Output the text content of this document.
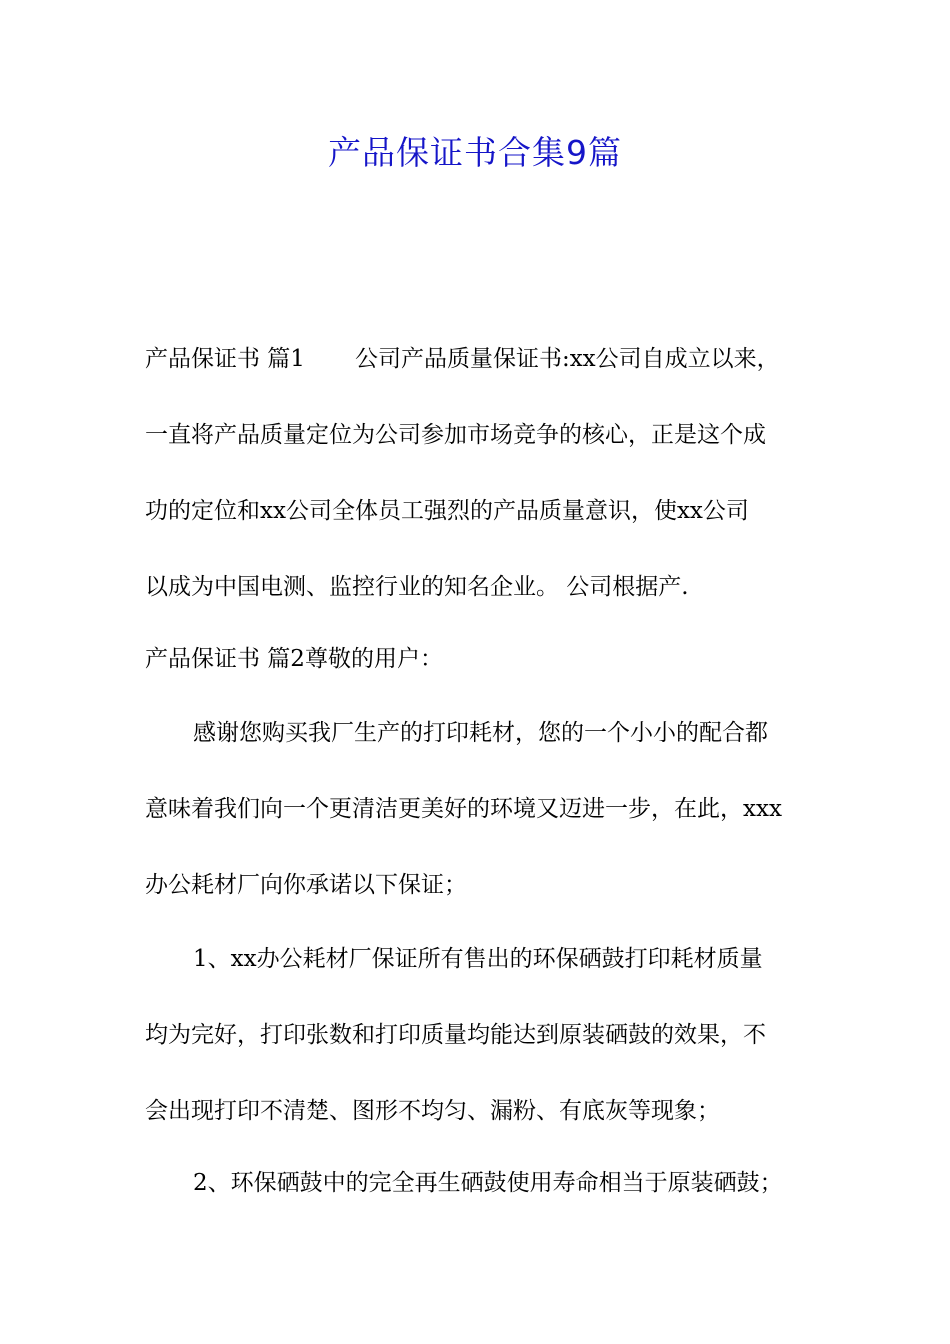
产品保证书合集9篇

产品保证书 篇1 公司产品质量保证书:xx公司自成立以来，

一直将产品质量定位为公司参加市场竞争的核心，正是这个成

功的定位和xx公司全体员工强烈的产品质量意识，使xx公司

以成为中国电测、监控行业的知名企业。 公司根据产.

产品保证书 篇2尊敬的用户：

感谢您购买我厂生产的打印耗材，您的一个小小的配合都

意味着我们向一个更清洁更美好的环境又迈进一步，在此，xxx

办公耗材厂向你承诺以下保证；

1、xx办公耗材厂保证所有售出的环保硒鼓打印耗材质量

均为完好，打印张数和打印质量均能达到原装硒鼓的效果，不

会出现打印不清楚、图形不均匀、漏粉、有底灰等现象；

2、环保硒鼓中的完全再生硒鼓使用寿命相当于原装硒鼓；
